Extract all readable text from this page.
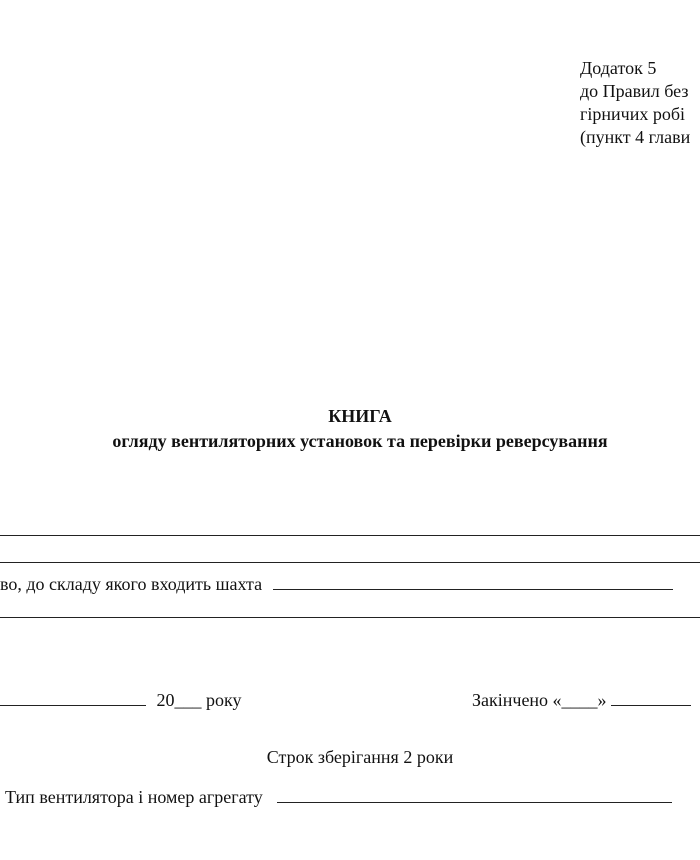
Додаток 5
до Правил без
гірничих робі
(пункт 4 глави
КНИГА
огляду вентиляторних установок та перевірки реверсування
во, до складу якого входить шахта
20___ року	Закінчено «____»
Строк зберігання 2 роки
Тип вентилятора і номер агрегату
